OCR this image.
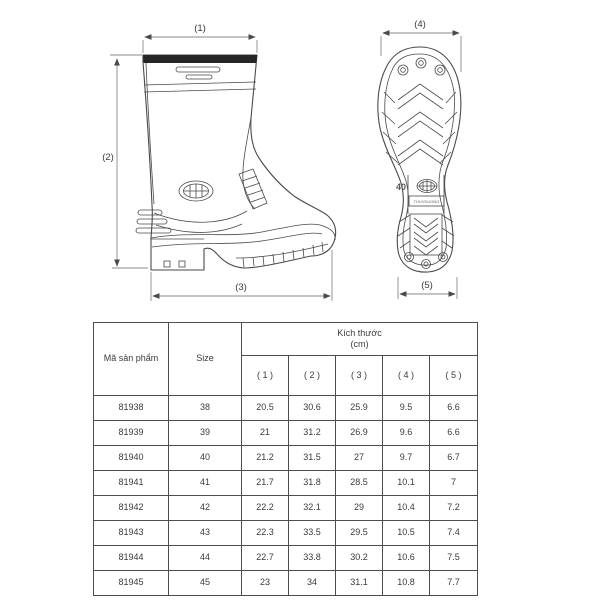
(1)
(2)
(3)
40
THUYDUONG
(4)
(5)
Mã sản phẩm	Size	Kích thước
(cm)				

		( 1 )	( 2 )	( 3 )	( 4 )	( 5 )
81938	38	20.5	30.6	25.9	9.5	6.6
81939	39	21	31.2	26.9	9.6	6.6
81940	40	21.2	31.5	27	9.7	6.7
81941	41	21.7	31.8	28.5	10.1	7
81942	42	22.2	32.1	29	10.4	7.2
81943	43	22.3	33.5	29.5	10.5	7.4
81944	44	22.7	33.8	30.2	10.6	7.5
81945	45	23	34	31.1	10.8	7.7
